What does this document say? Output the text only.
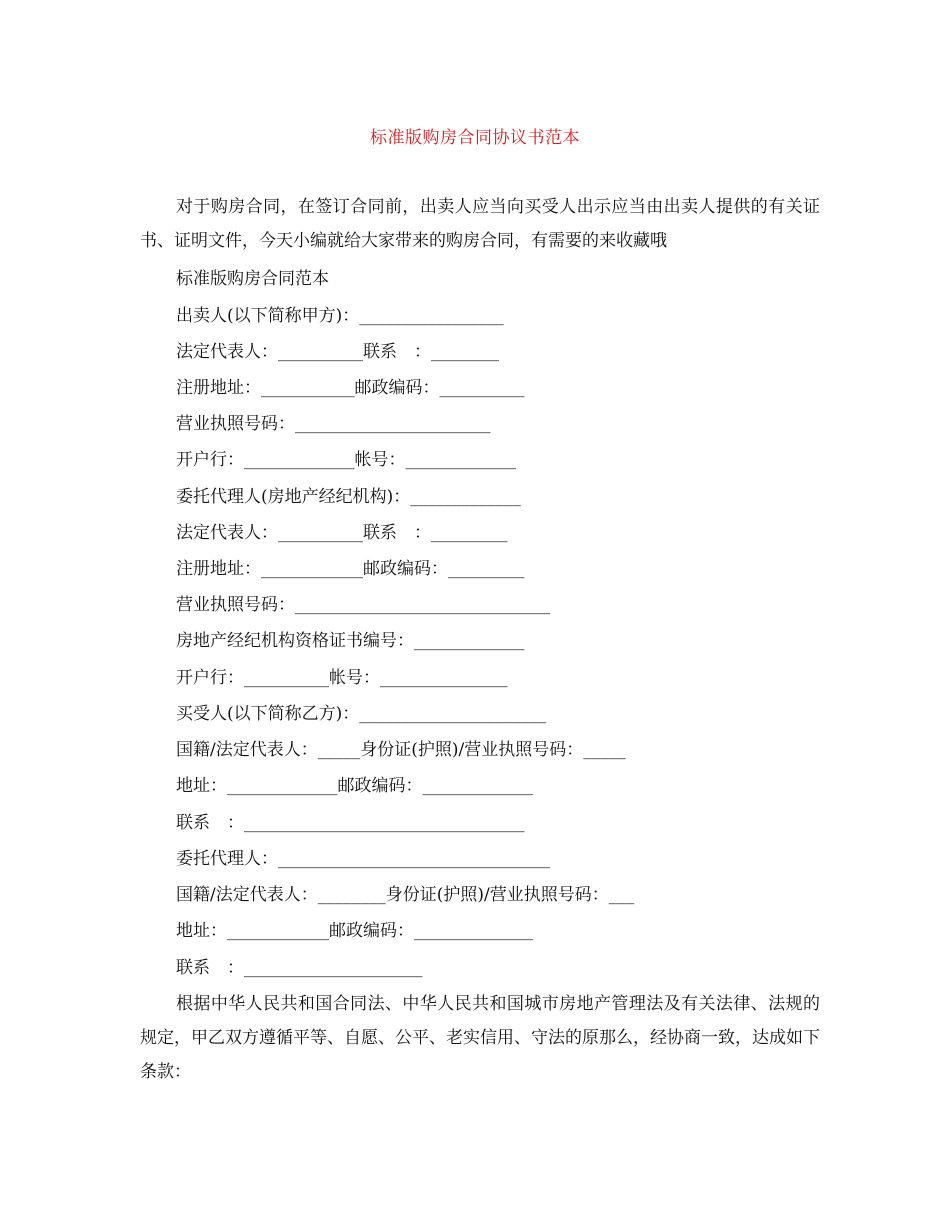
标准版购房合同协议书范本

对于购房合同，在签订合同前，出卖人应当向买受人出示应当由出卖人提供的有关证书、证明文件，今天小编就给大家带来的购房合同，有需要的来收藏哦

标准版购房合同范本

出卖人(以下简称甲方)：_________________

法定代表人：__________联系　：________

注册地址：___________邮政编码：__________

营业执照号码：_______________________

开户行：_____________帐号：_____________

委托代理人(房地产经纪机构)：_____________

法定代表人：__________联系　：_________

注册地址：____________邮政编码：_________

营业执照号码：______________________________

房地产经纪机构资格证书编号：_____________

开户行：__________帐号：_______________

买受人(以下简称乙方)：______________________

国籍/法定代表人：_____身份证(护照)/营业执照号码：_____

地址：_____________邮政编码：_____________

联系　：_________________________________

委托代理人：________________________________

国籍/法定代表人：________身份证(护照)/营业执照号码：___

地址：____________邮政编码：______________

联系　：_____________________

根据中华人民共和国合同法、中华人民共和国城市房地产管理法及有关法律、法规的规定，甲乙双方遵循平等、自愿、公平、老实信用、守法的原那么，经协商一致，达成如下条款：
